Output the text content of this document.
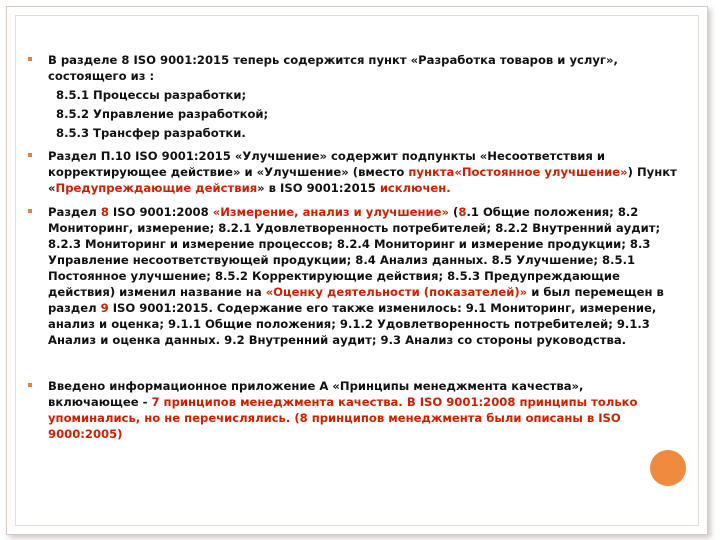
В разделе 8 ISO 9001:2015 теперь содержится пункт «Разработка товаров и услуг», состоящего из :
8.5.1 Процессы разработки;
8.5.2 Управление разработкой;
8.5.3 Трансфер разработки.
Раздел П.10 ISO 9001:2015 «Улучшение» содержит подпункты «Несоответствия и корректирующее действие» и «Улучшение» (вместо пункта«Постоянное улучшение») Пункт «Предупреждающие действия» в ISO 9001:2015 исключен.
Раздел 8 ISO 9001:2008 «Измерение, анализ и улучшение» (8.1 Общие положения; 8.2 Мониторинг, измерение; 8.2.1 Удовлетворенность потребителей; 8.2.2 Внутренний аудит; 8.2.3 Мониторинг и измерение процессов; 8.2.4 Мониторинг и измерение продукции; 8.3 Управление несоответствующей продукции; 8.4 Анализ данных. 8.5 Улучшение; 8.5.1 Постоянное улучшение; 8.5.2 Корректирующие действия; 8.5.3 Предупреждающие действия) изменил название на «Оценку деятельности (показателей)» и был перемещен в раздел 9 ISO 9001:2015. Содержание его также изменилось: 9.1 Мониторинг, измерение, анализ и оценка; 9.1.1 Общие положения; 9.1.2 Удовлетворенность потребителей; 9.1.3 Анализ и оценка данных. 9.2 Внутренний аудит; 9.3 Анализ со стороны руководства.
Введено информационное приложение А «Принципы менеджмента качества», включающее - 7 принципов менеджмента качества. В ISO 9001:2008 принципы только упоминались, но не перечислялись. (8 принципов менеджмента были описаны в ISO 9000:2005)
